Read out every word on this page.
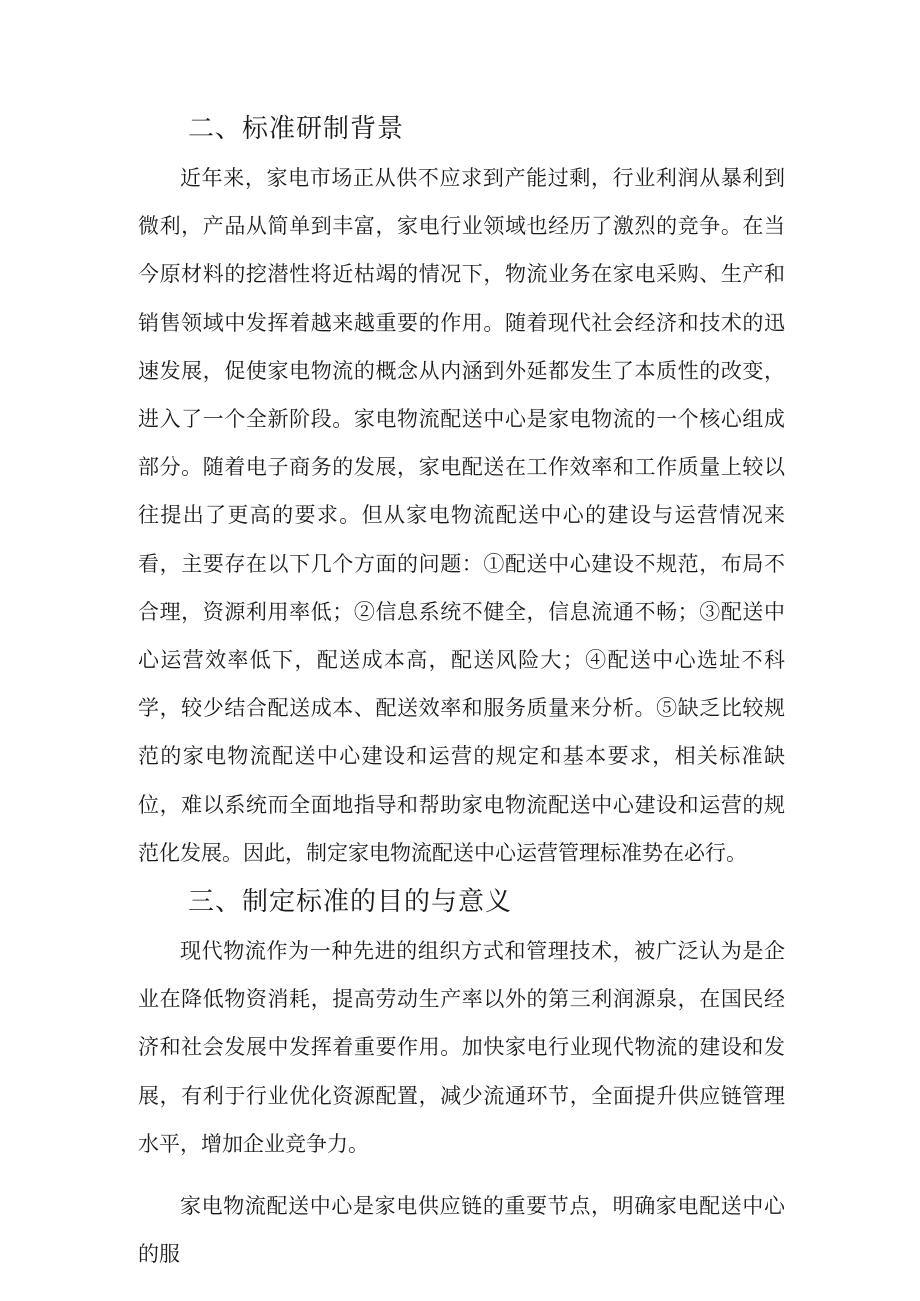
二、标准研制背景

近年来，家电市场正从供不应求到产能过剩，行业利润从暴利到微利，产品从简单到丰富，家电行业领域也经历了激烈的竞争。在当今原材料的挖潜性将近枯竭的情况下，物流业务在家电采购、生产和销售领域中发挥着越来越重要的作用。随着现代社会经济和技术的迅速发展，促使家电物流的概念从内涵到外延都发生了本质性的改变，进入了一个全新阶段。家电物流配送中心是家电物流的一个核心组成部分。随着电子商务的发展，家电配送在工作效率和工作质量上较以往提出了更高的要求。但从家电物流配送中心的建设与运营情况来看，主要存在以下几个方面的问题：①配送中心建设不规范，布局不合理，资源利用率低；②信息系统不健全，信息流通不畅；③配送中心运营效率低下，配送成本高，配送风险大；④配送中心选址不科学，较少结合配送成本、配送效率和服务质量来分析。⑤缺乏比较规范的家电物流配送中心建设和运营的规定和基本要求，相关标准缺位，难以系统而全面地指导和帮助家电物流配送中心建设和运营的规范化发展。因此，制定家电物流配送中心运营管理标准势在必行。

三、制定标准的目的与意义

现代物流作为一种先进的组织方式和管理技术，被广泛认为是企业在降低物资消耗，提高劳动生产率以外的第三利润源泉，在国民经济和社会发展中发挥着重要作用。加快家电行业现代物流的建设和发展，有利于行业优化资源配置，减少流通环节，全面提升供应链管理水平，增加企业竞争力。

家电物流配送中心是家电供应链的重要节点，明确家电配送中心的服
